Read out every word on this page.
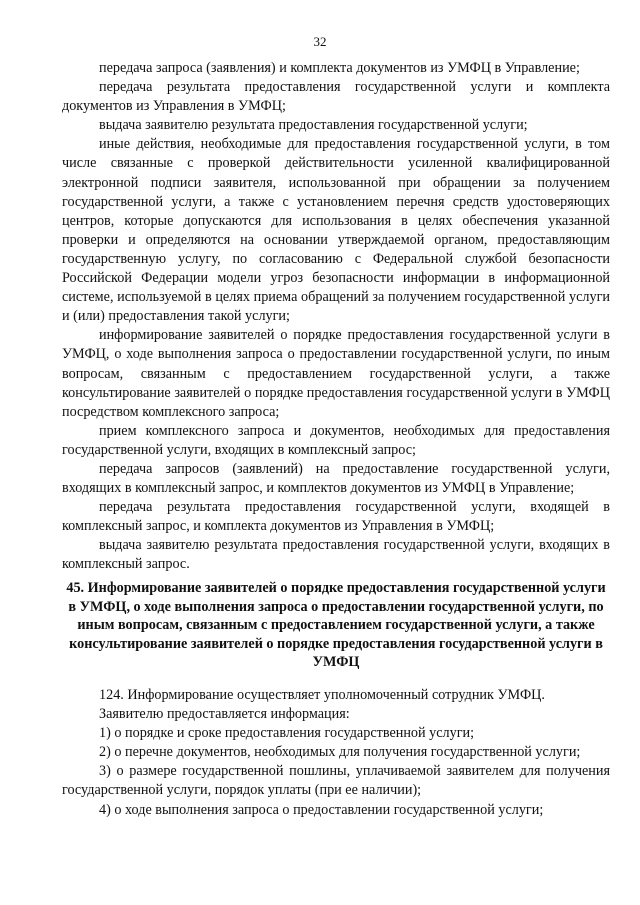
32

передача запроса (заявления) и комплекта документов из УМФЦ в Управление;

передача результата предоставления государственной услуги и комплекта документов из Управления в УМФЦ;

выдача заявителю результата предоставления государственной услуги;

иные действия, необходимые для предоставления государственной услуги, в том числе связанные с проверкой действительности усиленной квалифицированной электронной подписи заявителя, использованной при обращении за получением государственной услуги, а также с установлением перечня средств удостоверяющих центров, которые допускаются для использования в целях обеспечения указанной проверки и определяются на основании утверждаемой органом, предоставляющим государственную услугу, по согласованию с Федеральной службой безопасности Российской Федерации модели угроз безопасности информации в информационной системе, используемой в целях приема обращений за получением государственной услуги и (или) предоставления такой услуги;

информирование заявителей о порядке предоставления государственной услуги в УМФЦ, о ходе выполнения запроса о предоставлении государственной услуги, по иным вопросам, связанным с предоставлением государственной услуги, а также консультирование заявителей о порядке предоставления государственной услуги в УМФЦ посредством комплексного запроса;

прием комплексного запроса и документов, необходимых для предоставления государственной услуги, входящих в комплексный запрос;

передача запросов (заявлений) на предоставление государственной услуги, входящих в комплексный запрос, и комплектов документов из УМФЦ в Управление;

передача результата предоставления государственной услуги, входящей в комплексный запрос, и комплекта документов из Управления в УМФЦ;

выдача заявителю результата предоставления государственной услуги, входящих в комплексный запрос.

45. Информирование заявителей о порядке предоставления государственной услуги в УМФЦ, о ходе выполнения запроса о предоставлении государственной услуги, по иным вопросам, связанным с предоставлением государственной услуги, а также консультирование заявителей о порядке предоставления государственной услуги в УМФЦ

124. Информирование осуществляет уполномоченный сотрудник УМФЦ.

Заявителю предоставляется информация:

1) о порядке и сроке предоставления государственной услуги;

2) о перечне документов, необходимых для получения государственной услуги;

3) о размере государственной пошлины, уплачиваемой заявителем для получения государственной услуги, порядок уплаты (при ее наличии);

4) о ходе выполнения запроса о предоставлении государственной услуги;
